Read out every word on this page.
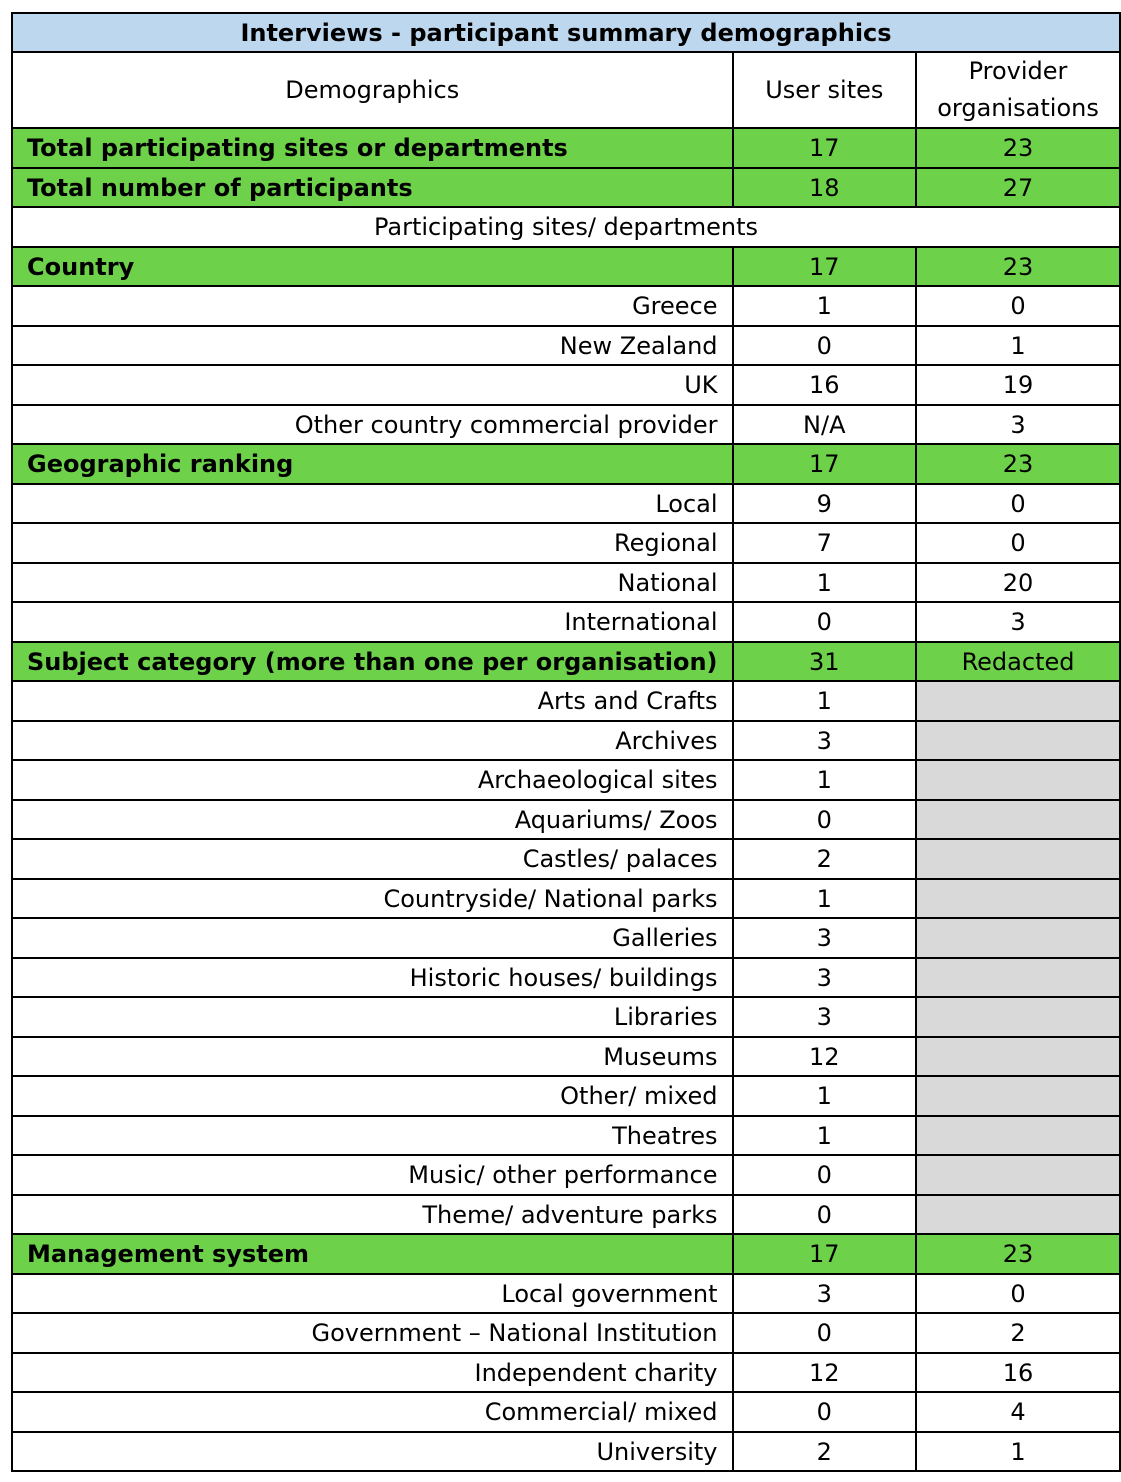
Interviews - participant summary demographics		
Demographics	User sites	Provider organisations
Total participating sites or departments	17	23
Total number of participants	18	27
Participating sites/ departments		
Country	17	23
Greece	1	0
New Zealand	0	1
UK	16	19
Other country commercial provider	N/A	3
Geographic ranking	17	23
Local	9	0
Regional	7	0
National	1	20
International	0	3
Subject category (more than one per organisation)	31	Redacted
Arts and Crafts	1	
Archives	3	
Archaeological sites	1	
Aquariums/ Zoos	0	
Castles/ palaces	2	
Countryside/ National parks	1	
Galleries	3	
Historic houses/ buildings	3	
Libraries	3	
Museums	12	
Other/ mixed	1	
Theatres	1	
Music/ other performance	0	
Theme/ adventure parks	0	
Management system	17	23
Local government	3	0
Government – National Institution	0	2
Independent charity	12	16
Commercial/ mixed	0	4
University	2	1
